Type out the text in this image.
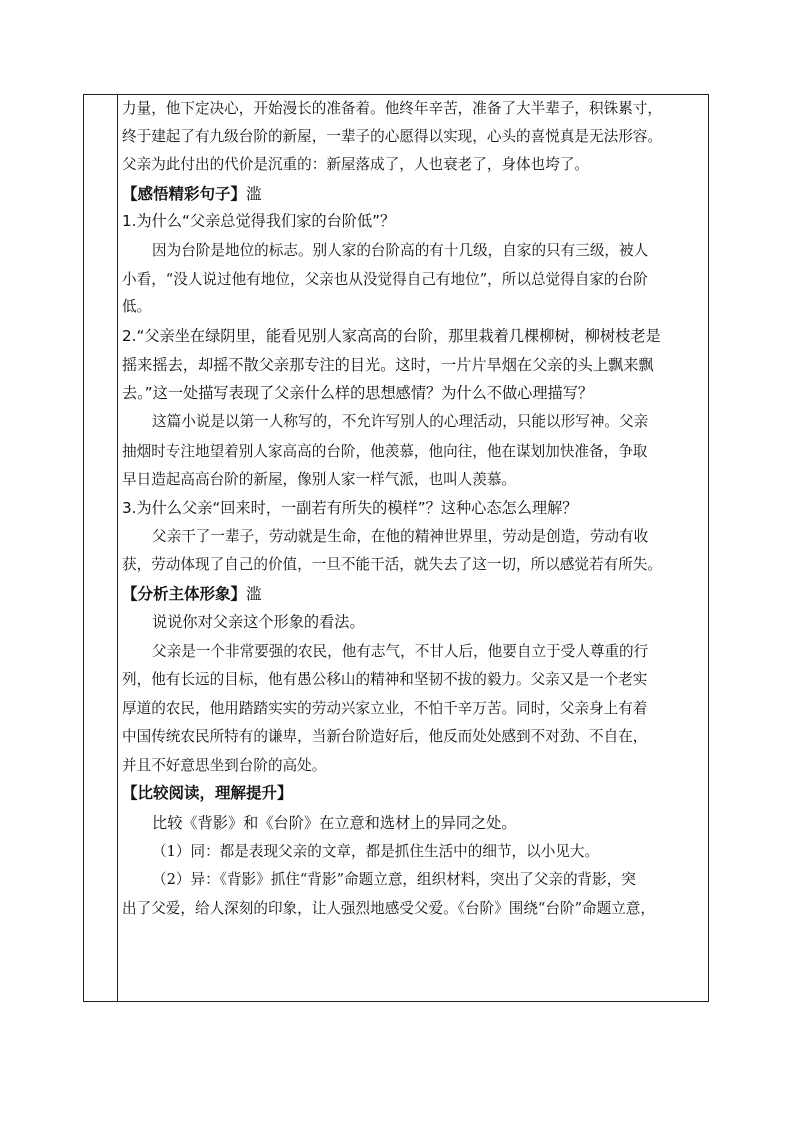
力量，他下定决心，开始漫长的准备着。他终年辛苦，准备了大半辈子，积铢累寸，
终于建起了有九级台阶的新屋，一辈子的心愿得以实现，心头的喜悦真是无法形容。
父亲为此付出的代价是沉重的：新屋落成了，人也衰老了，身体也垮了。
【感悟精彩句子】滥
1.为什么“父亲总觉得我们家的台阶低”？
因为台阶是地位的标志。别人家的台阶高的有十几级，自家的只有三级，被人
小看，“没人说过他有地位，父亲也从没觉得自己有地位”，所以总觉得自家的台阶
低。
2.“父亲坐在绿阴里，能看见别人家高高的台阶，那里栽着几棵柳树，柳树枝老是
摇来摇去，却摇不散父亲那专注的目光。这时，一片片旱烟在父亲的头上飘来飘
去。”这一处描写表现了父亲什么样的思想感情？为什么不做心理描写？
这篇小说是以第一人称写的，不允许写别人的心理活动，只能以形写神。父亲
抽烟时专注地望着别人家高高的台阶，他羡慕，他向往，他在谋划加快准备，争取
早日造起高高台阶的新屋，像别人家一样气派，也叫人羡慕。
3.为什么父亲“回来时，一副若有所失的模样”？这种心态怎么理解？
父亲干了一辈子，劳动就是生命，在他的精神世界里，劳动是创造，劳动有收
获，劳动体现了自己的价值，一旦不能干活，就失去了这一切，所以感觉若有所失。
【分析主体形象】滥
说说你对父亲这个形象的看法。
父亲是一个非常要强的农民，他有志气，不甘人后，他要自立于受人尊重的行
列，他有长远的目标，他有愚公移山的精神和坚韧不拔的毅力。父亲又是一个老实
厚道的农民，他用踏踏实实的劳动兴家立业，不怕千辛万苦。同时，父亲身上有着
中国传统农民所特有的谦卑，当新台阶造好后，他反而处处感到不对劲、不自在，
并且不好意思坐到台阶的高处。
【比较阅读，理解提升】
比较《背影》和《台阶》在立意和选材上的异同之处。
（1）同：都是表现父亲的文章，都是抓住生活中的细节，以小见大。
（2）异：《背影》抓住“背影”命题立意，组织材料，突出了父亲的背影，突
出了父爱，给人深刻的印象，让人强烈地感受父爱。《台阶》围绕“台阶”命题立意，
